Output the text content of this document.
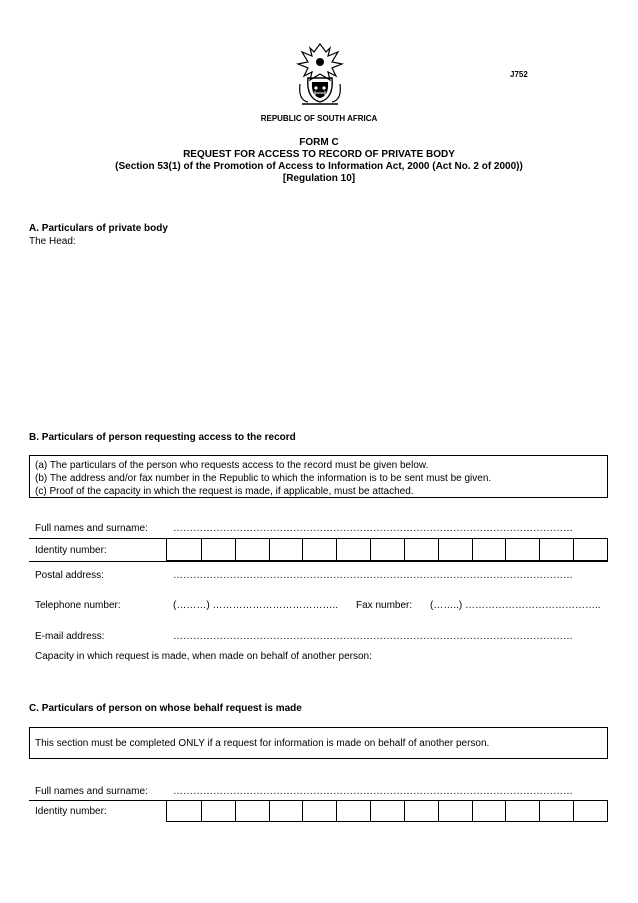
J752
REPUBLIC OF SOUTH AFRICA
FORM C
REQUEST FOR ACCESS TO RECORD OF PRIVATE BODY
(Section 53(1) of the Promotion of Access to Information Act, 2000 (Act No. 2 of 2000))
[Regulation 10]
A. Particulars of private body
The Head:
B. Particulars of person requesting access to the record
(a) The particulars of the person who requests access to the record must be given below.
(b) The address and/or fax number in the Republic to which the information is to be sent must be given.
(c) Proof of the capacity in which the request is made, if applicable, must be attached.
Full names and surname:	…………………………………………………………………………………………………………
Identity number:
Postal address:	…………………………………………………………………………………………………………
Telephone number:	(………) ………………………………..	Fax number: (……..) …………………………………..
E-mail address:	…………………………………………………………………………………………………………
Capacity in which request is made, when made on behalf of another person:
C. Particulars of person on whose behalf request is made
This section must be completed ONLY if a request for information is made on behalf of another person.
Full names and surname:	…………………………………………………………………………………………………………
Identity number:
